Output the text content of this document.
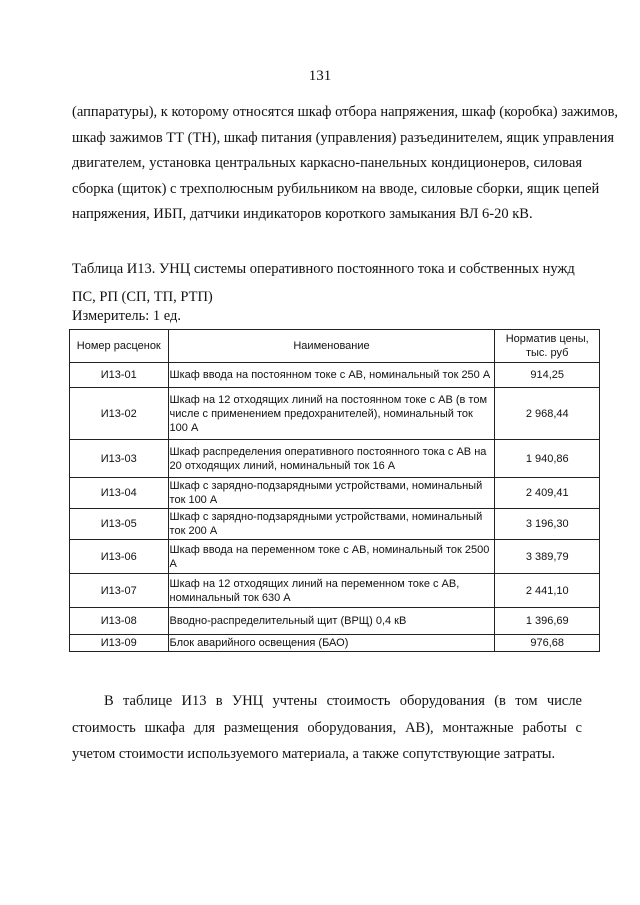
131
(аппаратуры), к которому относятся шкаф отбора напряжения, шкаф (коробка) зажимов,
шкаф зажимов ТТ (ТН), шкаф питания (управления) разъединителем, ящик управления
двигателем, установка центральных каркасно-панельных кондиционеров, силовая
сборка (щиток) с трехполюсным рубильником на вводе, силовые сборки, ящик цепей
напряжения, ИБП, датчики индикаторов короткого замыкания ВЛ 6-20 кВ.
Таблица И13. УНЦ системы оперативного постоянного тока и собственных нужд ПС, РП (СП, ТП, РТП)
Измеритель: 1 ед.
Номер расценок	Наименование	Норматив цены, тыс. руб
И13-01	Шкаф ввода на постоянном токе с АВ, номинальный ток 250 А	914,25
И13-02	Шкаф на 12 отходящих линий на постоянном токе с АВ (в том числе с применением предохранителей), номинальный ток 100 А	2 968,44
И13-03	Шкаф распределения оперативного постоянного тока с АВ на 20 отходящих линий, номинальный ток 16 А	1 940,86
И13-04	Шкаф с зарядно-подзарядными устройствами, номинальный ток 100 А	2 409,41
И13-05	Шкаф с зарядно-подзарядными устройствами, номинальный ток 200 А	3 196,30
И13-06	Шкаф ввода на переменном токе с АВ, номинальный ток 2500 А	3 389,79
И13-07	Шкаф на 12 отходящих линий на переменном токе с АВ, номинальный ток 630 А	2 441,10
И13-08	Вводно-распределительный щит (ВРЩ) 0,4 кВ	1 396,69
И13-09	Блок аварийного освещения (БАО)	976,68
В таблице И13 в УНЦ учтены стоимость оборудования (в том числе стоимость шкафа для размещения оборудования, АВ), монтажные работы с учетом стоимости используемого материала, а также сопутствующие затраты.
